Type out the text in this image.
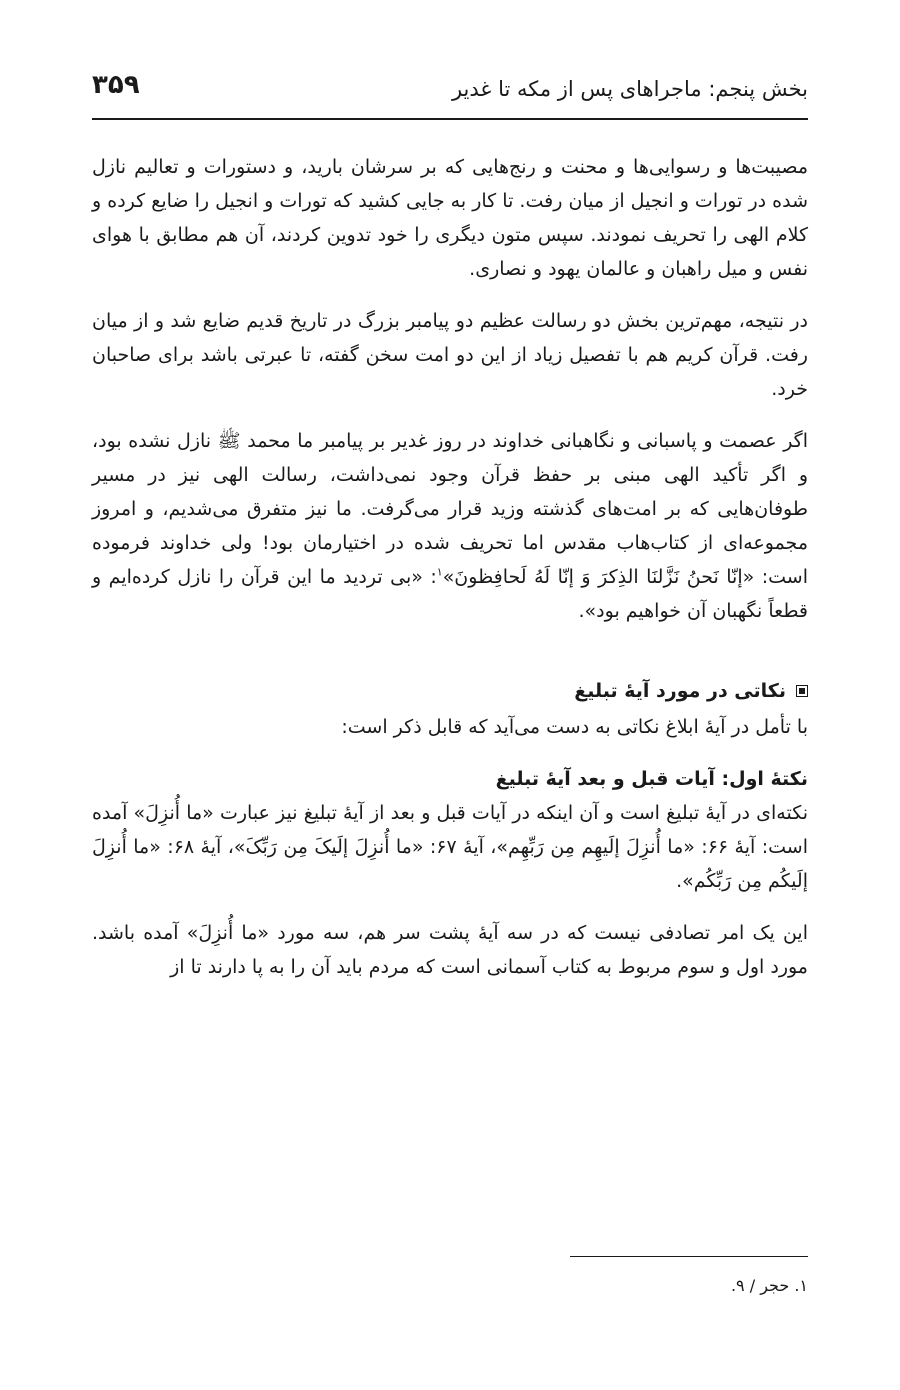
بخش پنجم: ماجراهای پس از مکه تا غدیر
۳۵۹

مصیبت‌ها و رسوایی‌ها و محنت و رنج‌هایی که بر سرشان بارید، و دستورات و تعالیم نازل شده در تورات و انجیل از میان رفت. تا کار به جایی کشید که تورات و انجیل را ضایع کرده و کلام الهی را تحریف نمودند. سپس متون دیگری را خود تدوین کردند، آن هم مطابق با هوای نفس و میل راهبان و عالمان یهود و نصاری.

در نتیجه، مهم‌ترین بخش دو رسالت عظیم دو پیامبر بزرگ در تاریخ قدیم ضایع شد و از میان رفت. قرآن کریم هم با تفصیل زیاد از این دو امت سخن گفته، تا عبرتی باشد برای صاحبان خرد.

اگر عصمت و پاسبانی و نگاهبانی خداوند در روز غدیر بر پیامبر ما محمد ﷺ نازل نشده بود، و اگر تأکید الهی مبنی بر حفظ قرآن وجود نمی‌داشت، رسالت الهی نیز در مسیر طوفان‌هایی که بر امت‌های گذشته وزید قرار می‌گرفت. ما نیز متفرق می‌شدیم، و امروز مجموعه‌ای از کتاب‌هاب مقدس اما تحریف شده در اختیارمان بود! ولی خداوند فرموده است: «إنّا نَحنُ نَزَّلنَا الذِکرَ وَ إنّا لَهُ لَحافِظونَ»$^۱$: «بی تردید ما این قرآن را نازل کرده‌ایم و قطعاً نگهبان آن خواهیم بود».

نکاتی در مورد آیهٔ تبلیغ

با تأمل در آیهٔ ابلاغ نکاتی به دست می‌آید که قابل ذکر است:

نکتهٔ اول: آیات قبل و بعد آیهٔ تبلیغ

نکته‌ای در آیهٔ تبلیغ است و آن اینکه در آیات قبل و بعد از آیهٔ تبلیغ نیز عبارت «ما أُنزِلَ» آمده است: آیهٔ ۶۶: «ما أُنزِلَ إلَیهِم مِن رَبِّهِم»، آیهٔ ۶۷: «ما أُنزِلَ إلَیکَ مِن رَبِّکَ»، آیهٔ ۶۸: «ما أُنزِلَ إلَیکُم مِن رَبِّکُم».

این یک امر تصادفی نیست که در سه آیهٔ پشت سر هم، سه مورد «ما أُنزِلَ» آمده باشد. مورد اول و سوم مربوط به کتاب آسمانی است که مردم باید آن را به پا دارند تا از

۱. حجر / ۹.
